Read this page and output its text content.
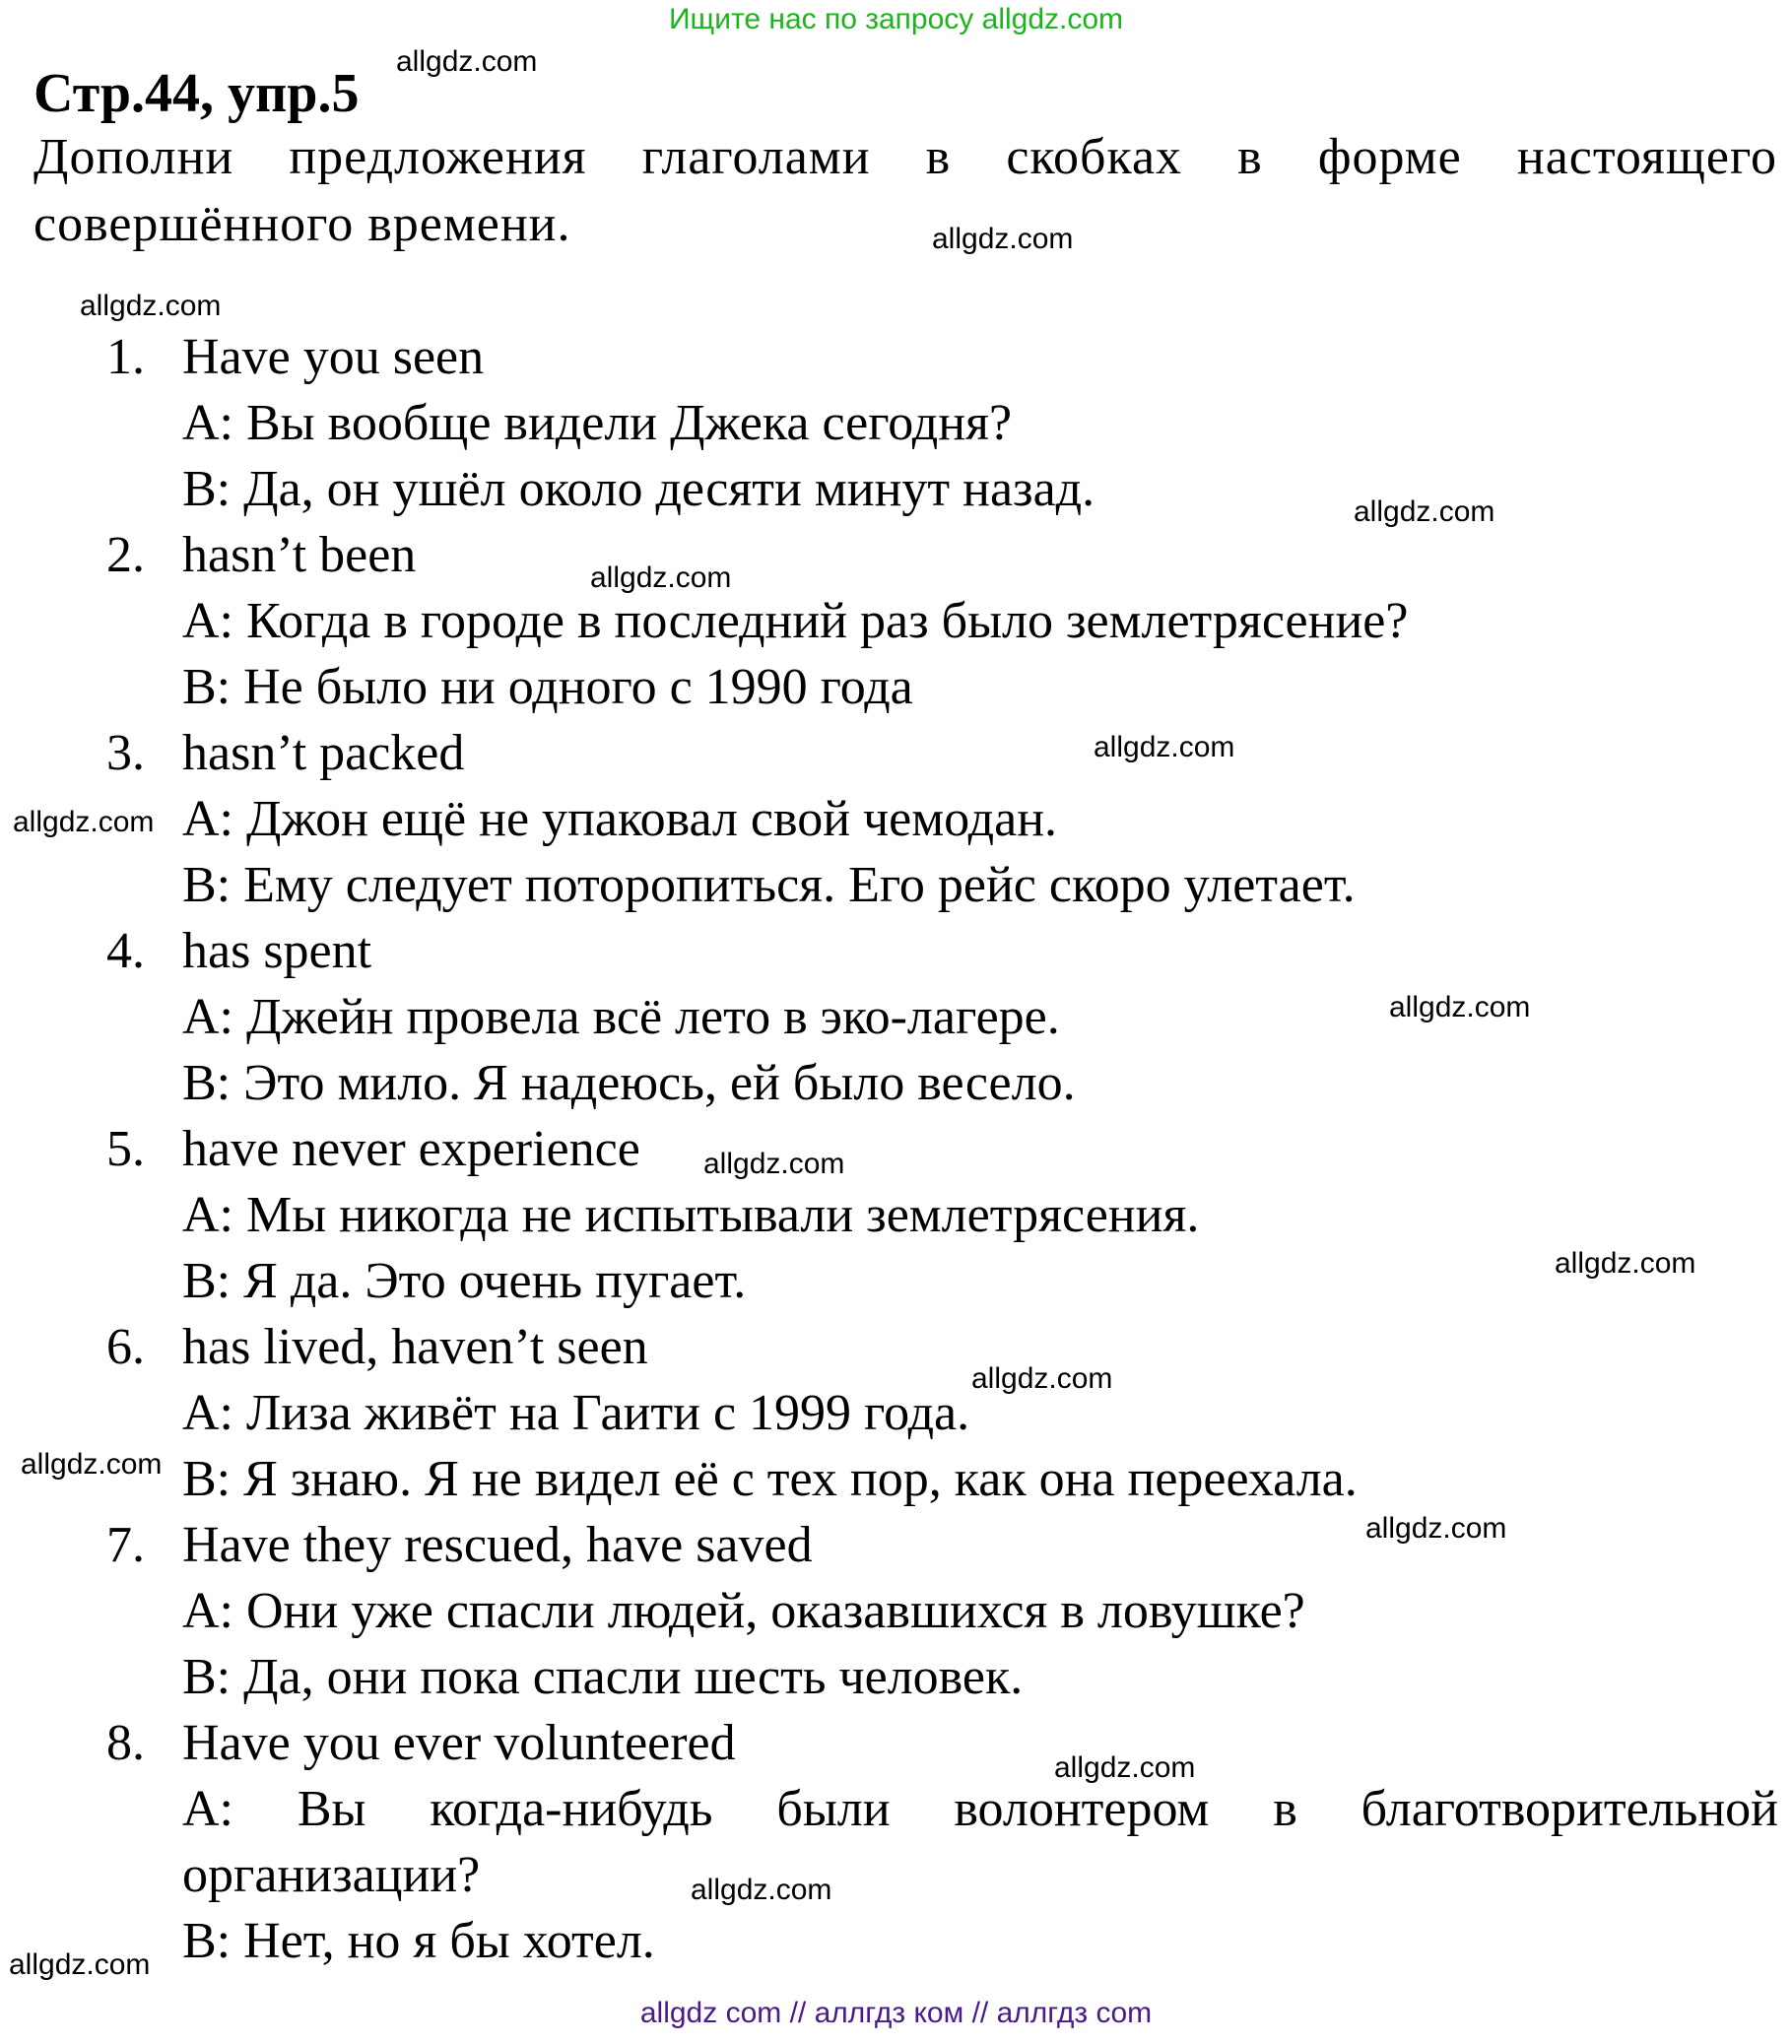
Ищите нас по запросу allgdz.com
Стр.44, упр.5
Дополни предложения глаголами в скобках в форме настоящего совершённого времени.
1. Have you seen
A: Вы вообще видели Джека сегодня?
B: Да, он ушёл около десяти минут назад.
2. hasn’t been
A: Когда в городе в последний раз было землетрясение?
B: Не было ни одного с 1990 года
3. hasn’t packed
A: Джон ещё не упаковал свой чемодан.
B: Ему следует поторопиться. Его рейс скоро улетает.
4. has spent
A: Джейн провела всё лето в эко-лагере.
B: Это мило. Я надеюсь, ей было весело.
5. have never experience
A: Мы никогда не испытывали землетрясения.
B: Я да. Это очень пугает.
6. has lived, haven’t seen
A: Лиза живёт на Гаити с 1999 года.
B: Я знаю. Я не видел её с тех пор, как она переехала.
7. Have they rescued, have saved
A: Они уже спасли людей, оказавшихся в ловушке?
B: Да, они пока спасли шесть человек.
8. Have you ever volunteered
A: Вы когда-нибудь были волонтером в благотворительной организации?
B: Нет, но я бы хотел.
allgdz.com
allgdz.com
allgdz.com
allgdz.com
allgdz.com
allgdz.com
allgdz.com
allgdz.com
allgdz.com
allgdz.com
allgdz.com
allgdz.com
allgdz.com
allgdz.com
allgdz.com
allgdz.com
allgdz com // аллгдз ком // аллгдз com
